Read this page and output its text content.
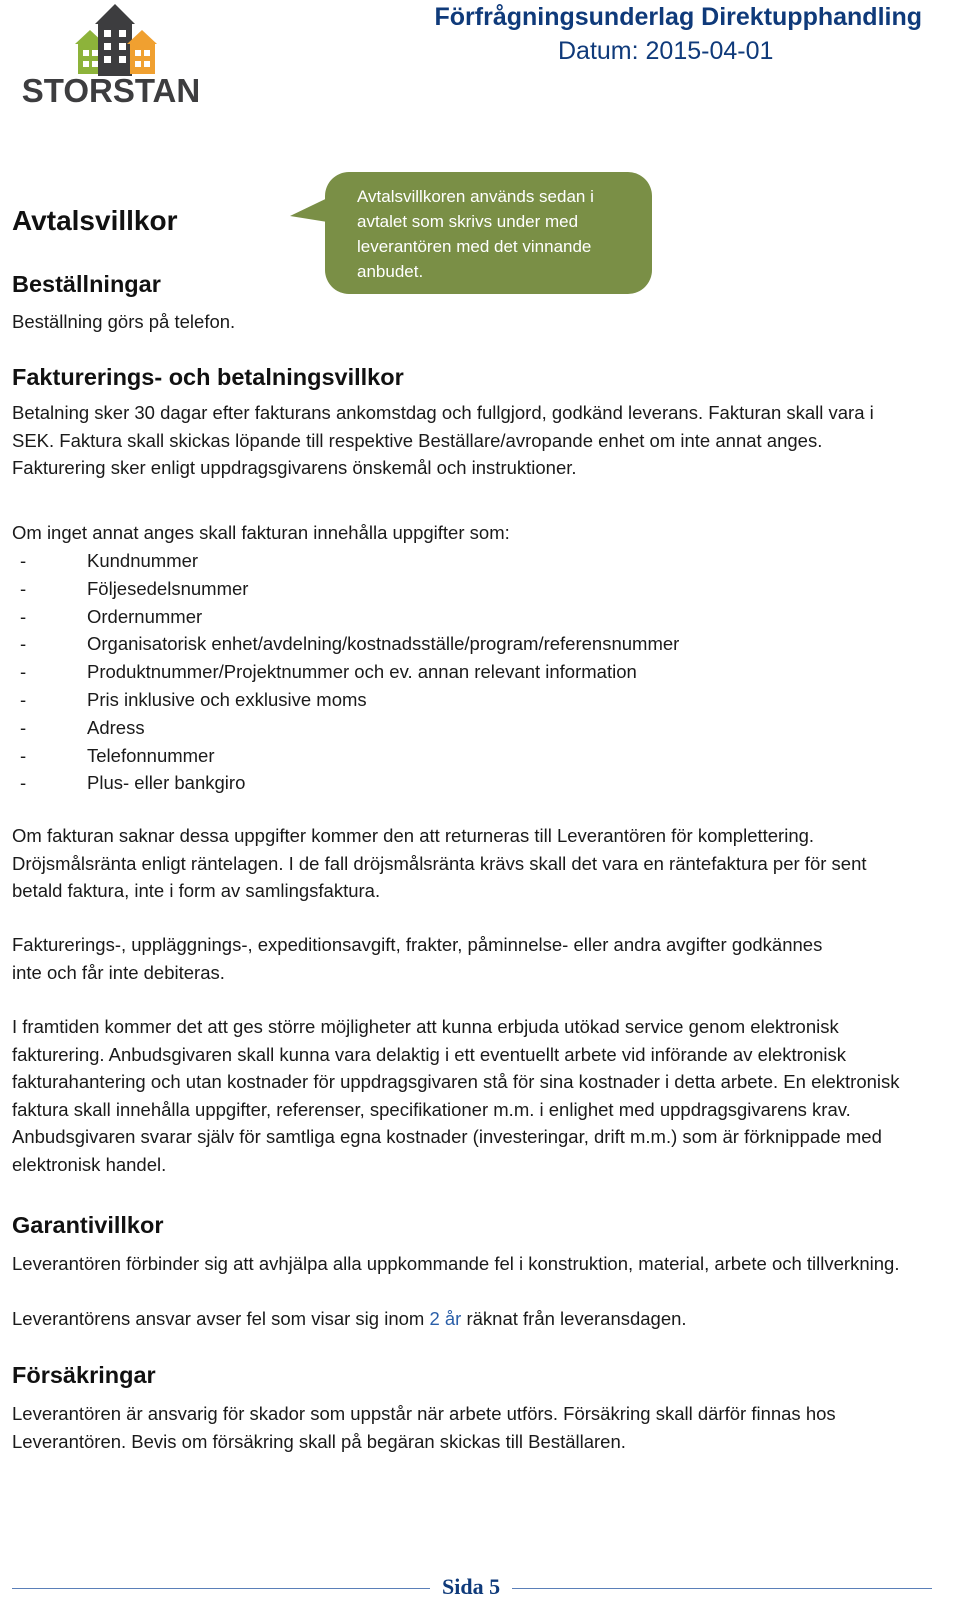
STORSTAN
Förfrågningsunderlag Direktupphandling
Datum: 2015-04-01
Avtalsvillkoren används sedan i avtalet som skrivs under med leverantören med det vinnande anbudet.
Avtalsvillkor
Beställningar

Beställning görs på telefon.

Fakturerings- och betalningsvillkor

Betalning sker 30 dagar efter fakturans ankomstdag och fullgjord, godkänd leverans. Fakturan skall vara i SEK. Faktura skall skickas löpande till respektive Beställare/avropande enhet om inte annat anges. Fakturering sker enligt uppdragsgivarens önskemål och instruktioner.

Om inget annat anges skall fakturan innehålla uppgifter som:

- Kundnummer
- Följesedelsnummer
- Ordernummer
- Organisatorisk enhet/avdelning/kostnadsställe/program/referensnummer
- Produktnummer/Projektnummer och ev. annan relevant information
- Pris inklusive och exklusive moms
- Adress
- Telefonnummer
- Plus- eller bankgiro

Om fakturan saknar dessa uppgifter kommer den att returneras till Leverantören för komplettering. Dröjsmålsränta enligt räntelagen. I de fall dröjsmålsränta krävs skall det vara en räntefaktura per för sent betald faktura, inte i form av samlingsfaktura.

Fakturerings-, uppläggnings-, expeditionsavgift, frakter, påminnelse- eller andra avgifter godkännes inte och får inte debiteras.

I framtiden kommer det att ges större möjligheter att kunna erbjuda utökad service genom elektronisk fakturering. Anbudsgivaren skall kunna vara delaktig i ett eventuellt arbete vid införande av elektronisk fakturahantering och utan kostnader för uppdragsgivaren stå för sina kostnader i detta arbete. En elektronisk faktura skall innehålla uppgifter, referenser, specifikationer m.m. i enlighet med uppdragsgivarens krav. Anbudsgivaren svarar själv för samtliga egna kostnader (investeringar, drift m.m.) som är förknippade med elektronisk handel.

Garantivillkor

Leverantören förbinder sig att avhjälpa alla uppkommande fel i konstruktion, material, arbete och tillverkning.

Leverantörens ansvar avser fel som visar sig inom 2 år räknat från leveransdagen.

Försäkringar

Leverantören är ansvarig för skador som uppstår när arbete utförs. Försäkring skall därför finnas hos Leverantören. Bevis om försäkring skall på begäran skickas till Beställaren.

Sida 5
